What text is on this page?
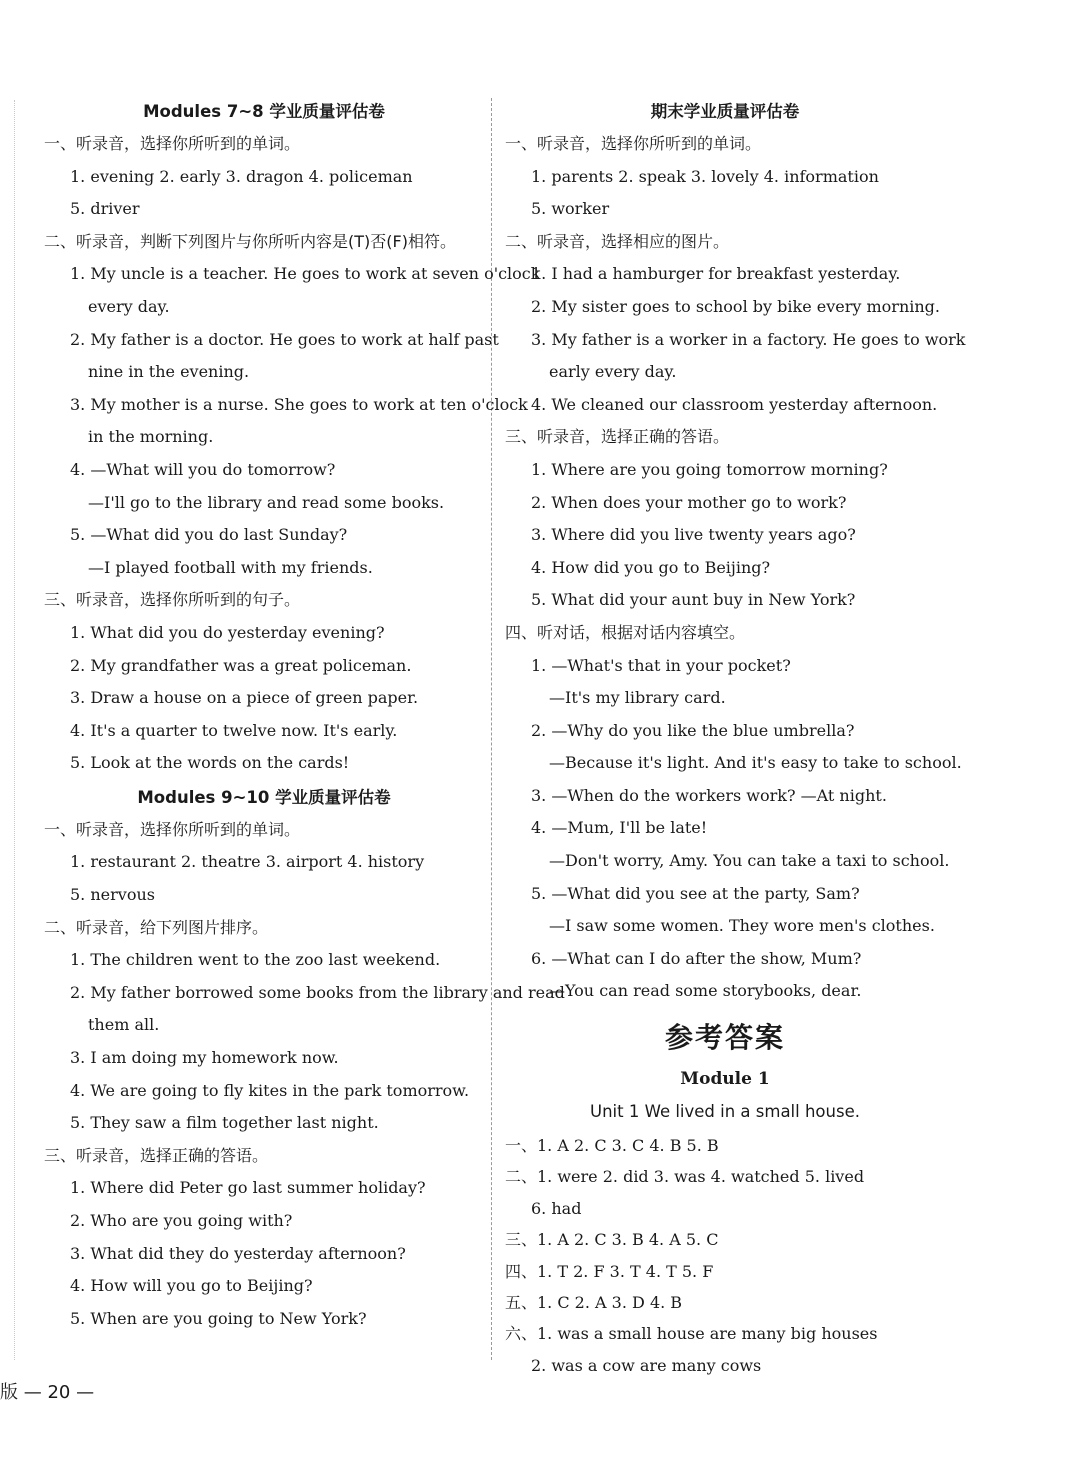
Modules 7~8 学业质量评估卷
一、听录音，选择你所听到的单词。
1. evening 2. early 3. dragon 4. policeman
5. driver
二、听录音，判断下列图片与你所听内容是(T)否(F)相符。
1. My uncle is a teacher. He goes to work at seven o'clock
every day.
2. My father is a doctor. He goes to work at half past
nine in the evening.
3. My mother is a nurse. She goes to work at ten o'clock
in the morning.
4. —What will you do tomorrow?
—I'll go to the library and read some books.
5. —What did you do last Sunday?
—I played football with my friends.
三、听录音，选择你所听到的句子。
1. What did you do yesterday evening?
2. My grandfather was a great policeman.
3. Draw a house on a piece of green paper.
4. It's a quarter to twelve now. It's early.
5. Look at the words on the cards!
Modules 9~10 学业质量评估卷
一、听录音，选择你所听到的单词。
1. restaurant 2. theatre 3. airport 4. history
5. nervous
二、听录音，给下列图片排序。
1. The children went to the zoo last weekend.
2. My father borrowed some books from the library and read
them all.
3. I am doing my homework now.
4. We are going to fly kites in the park tomorrow.
5. They saw a film together last night.
三、听录音，选择正确的答语。
1. Where did Peter go last summer holiday?
2. Who are you going with?
3. What did they do yesterday afternoon?
4. How will you go to Beijing?
5. When are you going to New York?
期末学业质量评估卷
一、听录音，选择你所听到的单词。
1. parents 2. speak 3. lovely 4. information
5. worker
二、听录音，选择相应的图片。
1. I had a hamburger for breakfast yesterday.
2. My sister goes to school by bike every morning.
3. My father is a worker in a factory. He goes to work
early every day.
4. We cleaned our classroom yesterday afternoon.
三、听录音，选择正确的答语。
1. Where are you going tomorrow morning?
2. When does your mother go to work?
3. Where did you live twenty years ago?
4. How did you go to Beijing?
5. What did your aunt buy in New York?
四、听对话，根据对话内容填空。
1. —What's that in your pocket?
—It's my library card.
2. —Why do you like the blue umbrella?
—Because it's light. And it's easy to take to school.
3. —When do the workers work? —At night.
4. —Mum, I'll be late!
—Don't worry, Amy. You can take a taxi to school.
5. —What did you see at the party, Sam?
—I saw some women. They wore men's clothes.
6. —What can I do after the show, Mum?
—You can read some storybooks, dear.
参考答案
Module 1
Unit 1 We lived in a small house.
一、1. A 2. C 3. C 4. B 5. B
二、1. were 2. did 3. was 4. watched 5. lived
6. had
三、1. A 2. C 3. B 4. A 5. C
四、1. T 2. F 3. T 4. T 5. F
五、1. C 2. A 3. D 4. B
六、1. was a small house are many big houses
2. was a cow are many cows
版 — 20 —
